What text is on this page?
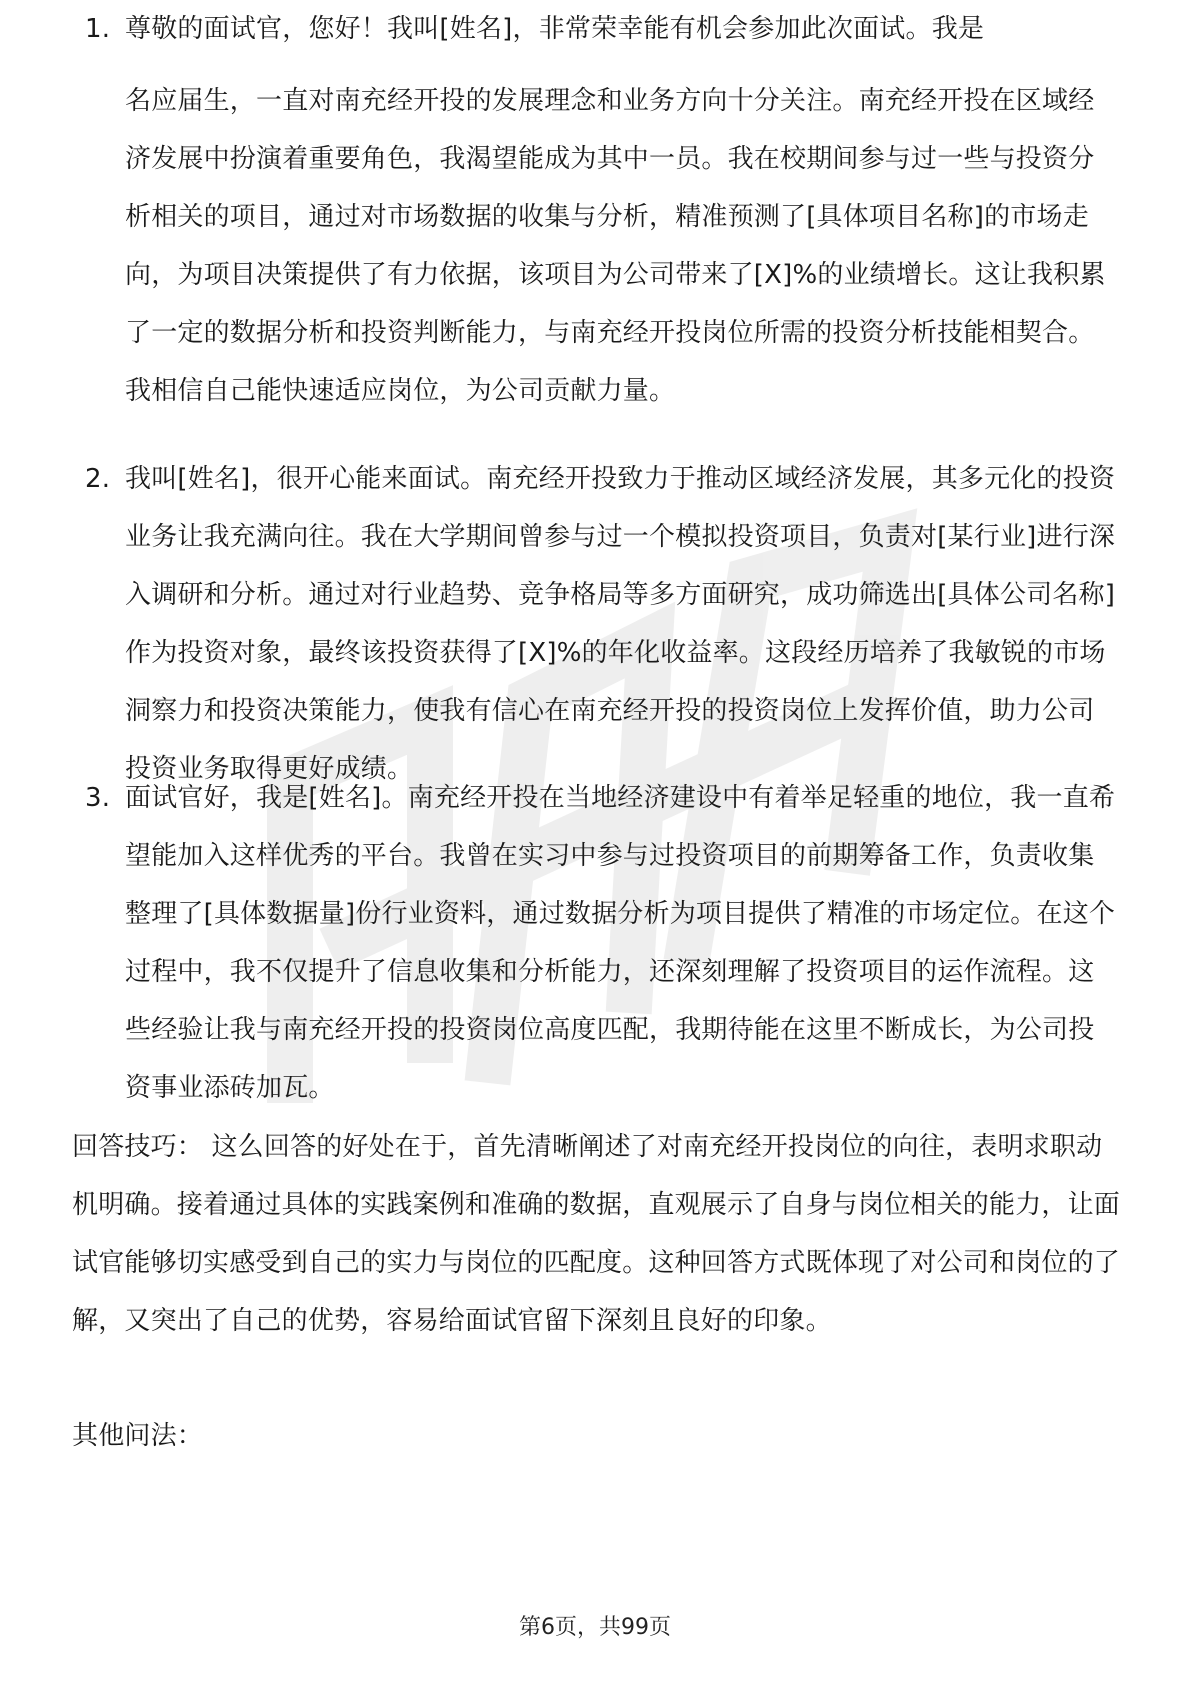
1. 尊敬的面试官，您好！我叫[姓名]，非常荣幸能有机会参加此次面试。我是
名应届生，一直对南充经开投的发展理念和业务方向十分关注。南充经开投在区域经济发展中扮演着重要角色，我渴望能成为其中一员。我在校期间参与过一些与投资分析相关的项目，通过对市场数据的收集与分析，精准预测了[具体项目名称]的市场走向，为项目决策提供了有力依据，该项目为公司带来了[X]%的业绩增长。这让我积累了一定的数据分析和投资判断能力，与南充经开投岗位所需的投资分析技能相契合。我相信自己能快速适应岗位，为公司贡献力量。
2. 我叫[姓名]，很开心能来面试。南充经开投致力于推动区域经济发展，其多元化的投资业务让我充满向往。我在大学期间曾参与过一个模拟投资项目，负责对[某行业]进行深入调研和分析。通过对行业趋势、竞争格局等多方面研究，成功筛选出[具体公司名称]作为投资对象，最终该投资获得了[X]%的年化收益率。这段经历培养了我敏锐的市场洞察力和投资决策能力，使我有信心在南充经开投的投资岗位上发挥价值，助力公司投资业务取得更好成绩。
3. 面试官好，我是[姓名]。南充经开投在当地经济建设中有着举足轻重的地位，我一直希望能加入这样优秀的平台。我曾在实习中参与过投资项目的前期筹备工作，负责收集整理了[具体数据量]份行业资料，通过数据分析为项目提供了精准的市场定位。在这个过程中，我不仅提升了信息收集和分析能力，还深刻理解了投资项目的运作流程。这些经验让我与南充经开投的投资岗位高度匹配，我期待能在这里不断成长，为公司投资事业添砖加瓦。
回答技巧： 这么回答的好处在于，首先清晰阐述了对南充经开投岗位的向往，表明求职动机明确。接着通过具体的实践案例和准确的数据，直观展示了自身与岗位相关的能力，让面试官能够切实感受到自己的实力与岗位的匹配度。这种回答方式既体现了对公司和岗位的了解，又突出了自己的优势，容易给面试官留下深刻且良好的印象。
其他问法：
第6页，共99页
